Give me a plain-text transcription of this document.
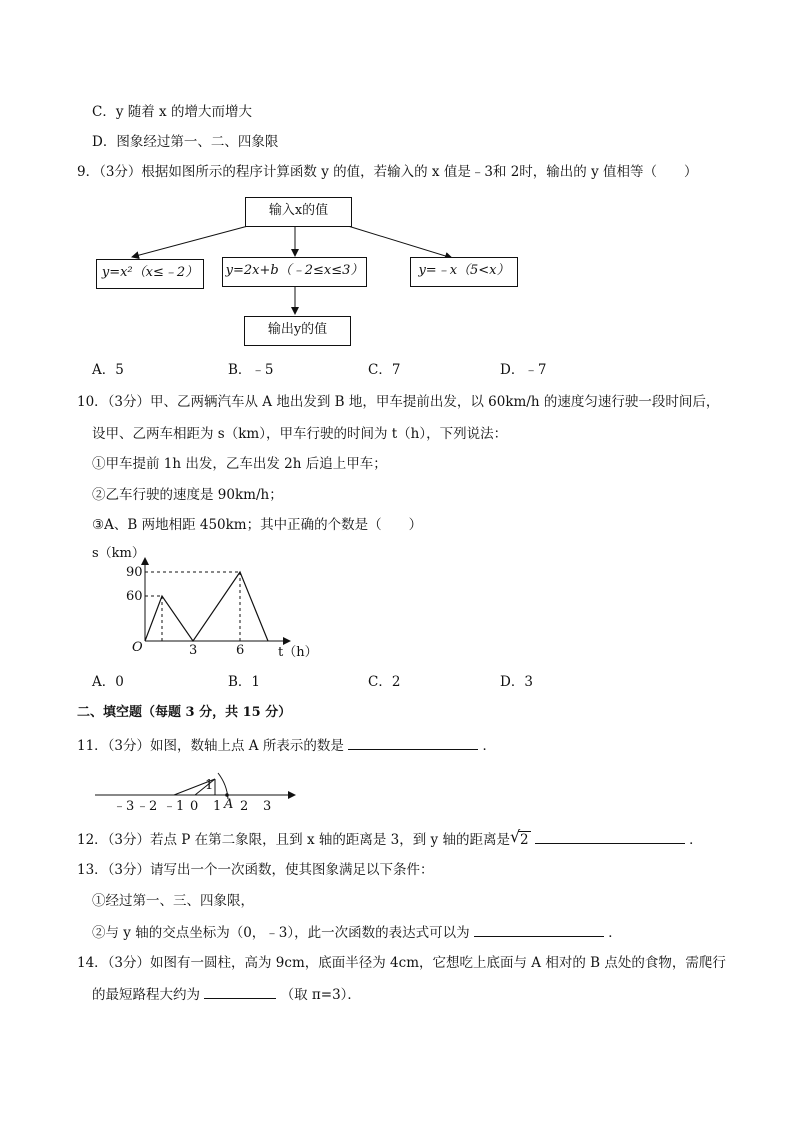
C．y 随着 x 的增大而增大
D．图象经过第一、二、四象限
9．（3分）根据如图所示的程序计算函数 y 的值，若输入的 x 值是﹣3和 2时，输出的 y 值相等（　　）
输入x的值
y=x²（x≤﹣2）	y=2x+b（﹣2≤x≤3）	y=﹣x（5<x）
输出y的值
A．5	B．﹣5	C．7	D．﹣7
10．（3分）甲、乙两辆汽车从 A 地出发到 B 地，甲车提前出发，以 60km/h 的速度匀速行驶一段时间后，
设甲、乙两车相距为 s（km），甲车行驶的时间为 t（h），下列说法：
①甲车提前 1h 出发，乙车出发 2h 后追上甲车；
②乙车行驶的速度是 90km/h；
③A、B 两地相距 450km；其中正确的个数是（　　）
s（km）
90
60
O	3	6	t（h）
A．0	B．1	C．2	D．3
二、填空题（每题 3 分，共 15 分）
11．（3分）如图，数轴上点 A 所表示的数是	．
1
﹣3 ﹣2 ﹣1 0 1 A 2 3
12．（3分）若点 P 在第二象限，且到 x 轴的距离是 3，到 y 轴的距离是 √ 2	．
13．（3分）请写出一个一次函数，使其图象满足以下条件：
①经过第一、三、四象限，
②与 y 轴的交点坐标为（0，﹣3），此一次函数的表达式可以为	．
14．（3分）如图有一圆柱，高为 9cm，底面半径为 4cm，它想吃上底面与 A 相对的 B 点处的食物，需爬行
的最短路程大约为	（取 π=3）．
